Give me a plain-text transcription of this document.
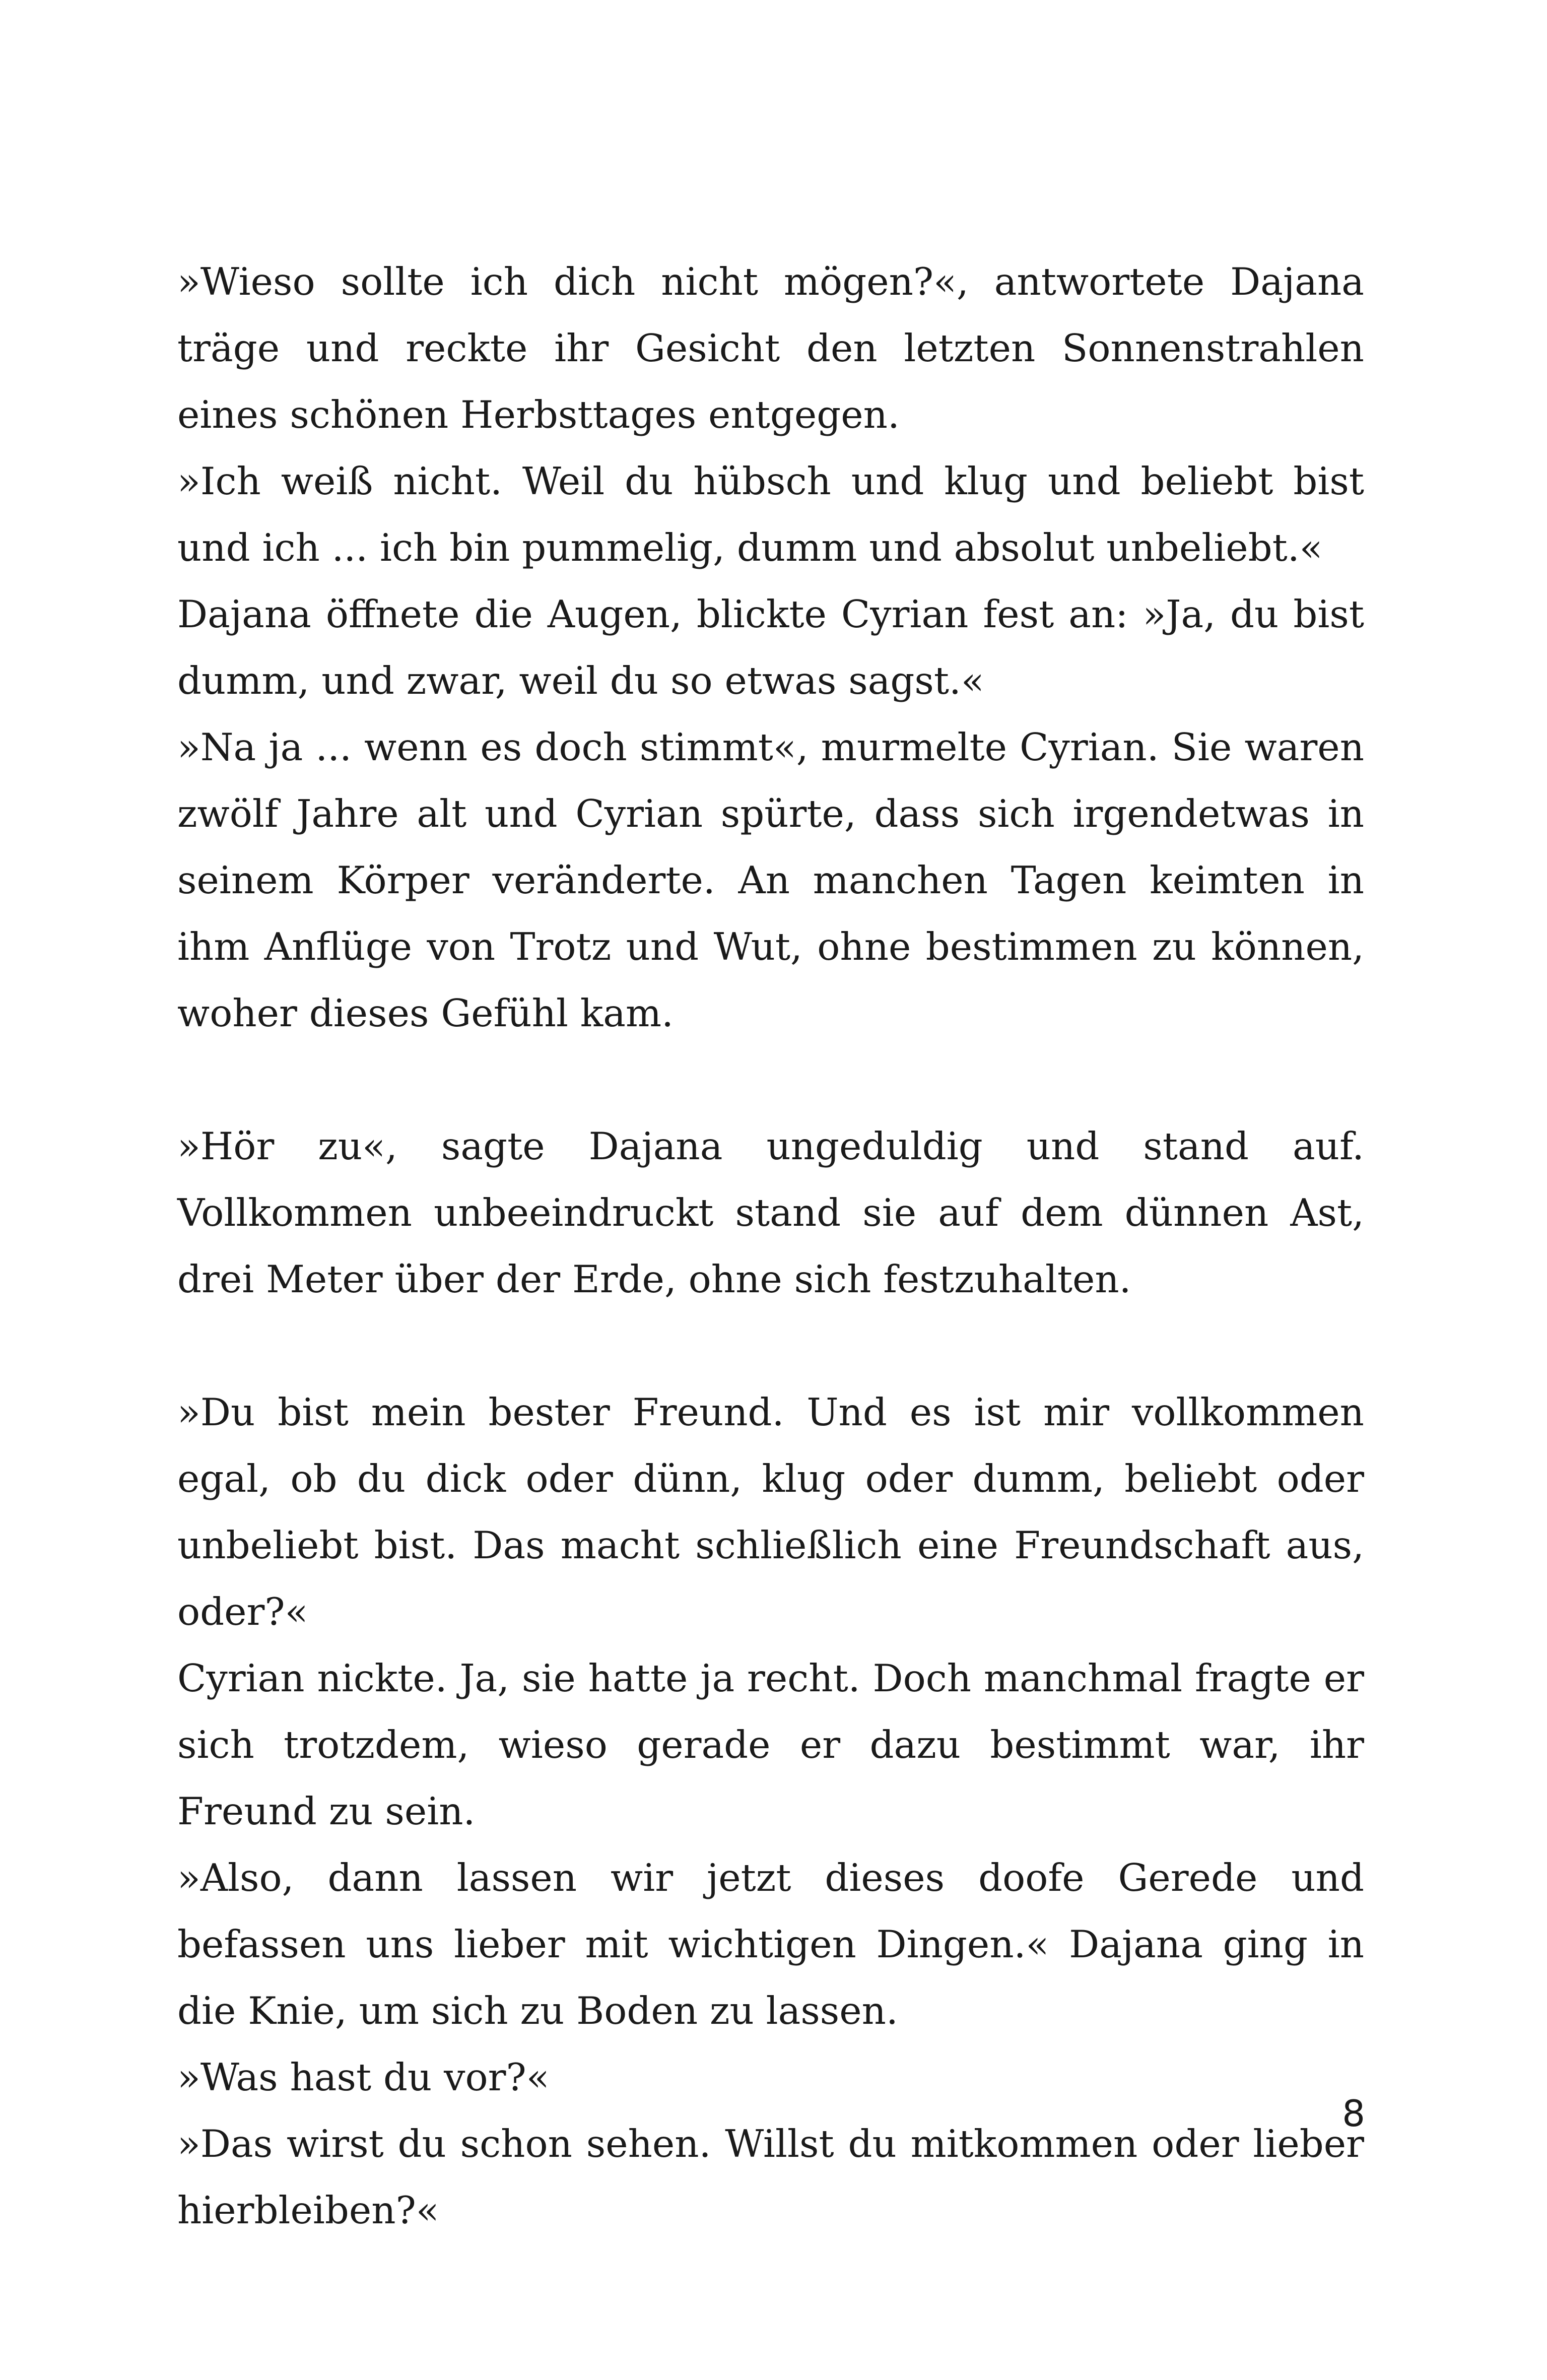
»Wieso sollte ich dich nicht mögen?«, antwortete Dajana träge und reckte ihr Gesicht den letzten Sonnenstrahlen eines schönen Herbsttages entgegen.

»Ich weiß nicht. Weil du hübsch und klug und beliebt bist und ich ... ich bin pummelig, dumm und absolut unbeliebt.«

Dajana öffnete die Augen, blickte Cyrian fest an: »Ja, du bist dumm, und zwar, weil du so etwas sagst.«

»Na ja ... wenn es doch stimmt«, murmelte Cyrian. Sie waren zwölf Jahre alt und Cyrian spürte, dass sich irgendetwas in seinem Körper veränderte. An manchen Tagen keimten in ihm Anflüge von Trotz und Wut, ohne bestimmen zu können, woher dieses Gefühl kam.

»Hör zu«, sagte Dajana ungeduldig und stand auf. Vollkommen unbeeindruckt stand sie auf dem dünnen Ast, drei Meter über der Erde, ohne sich festzuhalten.

»Du bist mein bester Freund. Und es ist mir vollkommen egal, ob du dick oder dünn, klug oder dumm, beliebt oder unbeliebt bist. Das macht schließlich eine Freundschaft aus, oder?«

Cyrian nickte. Ja, sie hatte ja recht. Doch manchmal fragte er sich trotzdem, wieso gerade er dazu bestimmt war, ihr Freund zu sein.

»Also, dann lassen wir jetzt dieses doofe Gerede und befassen uns lieber mit wichtigen Dingen.« Dajana ging in die Knie, um sich zu Boden zu lassen.

»Was hast du vor?«

»Das wirst du schon sehen. Willst du mitkommen oder lieber hierbleiben?«

8
